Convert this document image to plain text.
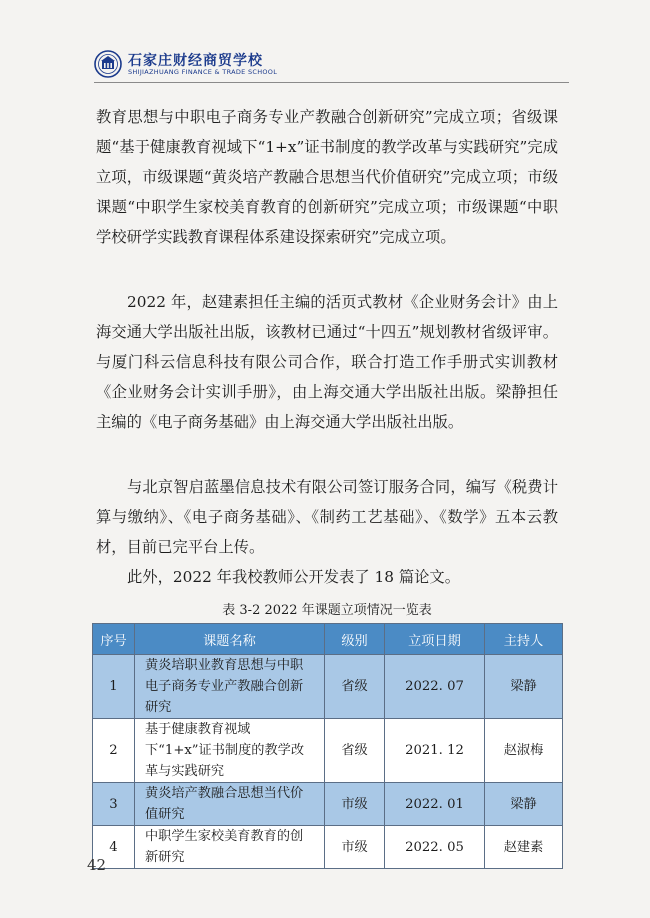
石家庄财经商贸学校
SHIJIAZHUANG FINANCE & TRADE SCHOOL

教育思想与中职电子商务专业产教融合创新研究”完成立项；省级课题“基于健康教育视域下“1+x”证书制度的教学改革与实践研究”完成立项，市级课题“黄炎培产教融合思想当代价值研究”完成立项；市级课题“中职学生家校美育教育的创新研究”完成立项；市级课题“中职学校研学实践教育课程体系建设探索研究”完成立项。

2022 年，赵建素担任主编的活页式教材《企业财务会计》由上海交通大学出版社出版，该教材已通过“十四五”规划教材省级评审。与厦门科云信息科技有限公司合作，联合打造工作手册式实训教材《企业财务会计实训手册》，由上海交通大学出版社出版。梁静担任主编的《电子商务基础》由上海交通大学出版社出版。

与北京智启蓝墨信息技术有限公司签订服务合同，编写《税费计算与缴纳》、《电子商务基础》、《制药工艺基础》、《数学》五本云教材，目前已完平台上传。

此外，2022 年我校教师公开发表了 18 篇论文。

表 3-2 2022 年课题立项情况一览表
序号	课题名称	级别	立项日期	主持人
1	黄炎培职业教育思想与中职电子商务专业产教融合创新研究	省级	2022. 07	梁静
2	基于健康教育视域下“1+x”证书制度的教学改革与实践研究	省级	2021. 12	赵淑梅
3	黄炎培产教融合思想当代价值研究	市级	2022. 01	梁静
4	中职学生家校美育教育的创新研究	市级	2022. 05	赵建素
42
